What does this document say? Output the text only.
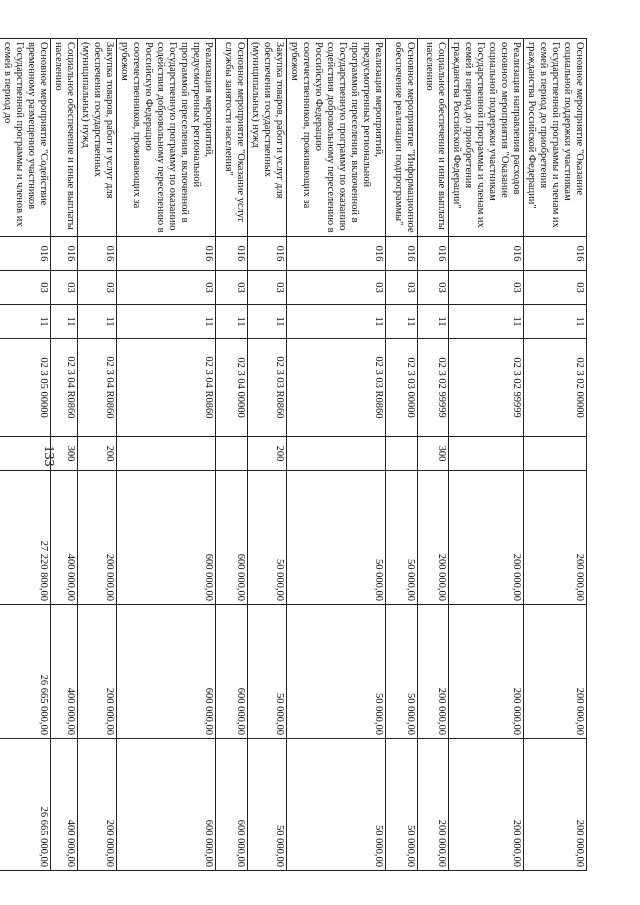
133
Основное мероприятие "Оказание социальной поддержки участникам Государственной программы и членам их семей в период до приобретения гражданства Российской Федерации"	016	03	11	02 3 02 00000		200 000,00	200 000,00	200 000,00
Реализация направления расходов основного мероприятия "Оказание социальной поддержки участникам Государственной программы и членам их семей в период до приобретения гражданства Российской Федерации"	016	03	11	02 3 02 99999		200 000,00	200 000,00	200 000,00
Социальное обеспечение и иные выплаты населению	016	03	11	02 3 02 99999	300	200 000,00	200 000,00	200 000,00
Основное мероприятие "Информационное обеспечение реализации подпрограммы"	016	03	11	02 3 03 00000		50 000,00	50 000,00	50 000,00
Реализация мероприятий, предусмотренных региональной программой переселения, включенной в Государственную программу по оказанию содействия добровольному переселению в Российскую Федерацию соотечественников, проживающих за рубежом	016	03	11	02 3 03 R0860		50 000,00	50 000,00	50 000,00
Закупка товаров, работ и услуг для обеспечения государственных (муниципальных) нужд	016	03	11	02 3 03 R0860	200	50 000,00	50 000,00	50 000,00
Основное мероприятие "Оказание услуг службы занятости населения"	016	03	11	02 3 04 00000		600 000,00	600 000,00	600 000,00
Реализация мероприятий, предусмотренных региональной программой переселения, включенной в Государственную программу по оказанию содействия добровольному переселению в Российскую Федерацию соотечественников, проживающих за рубежом	016	03	11	02 3 04 R0860		600 000,00	600 000,00	600 000,00
Закупка товаров, работ и услуг для обеспечения государственных (муниципальных) нужд	016	03	11	02 3 04 R0860	200	200 000,00	200 000,00	200 000,00
Социальное обеспечение и иные выплаты населению	016	03	11	02 3 04 R0860	300	400 000,00	400 000,00	400 000,00
Основное мероприятие "Содействие временному размещению участников Государственной программы и членов их семей в период до	016	03	11	02 3 05 00000		27 220 800,00	26 665 000,00	26 665 000,00
